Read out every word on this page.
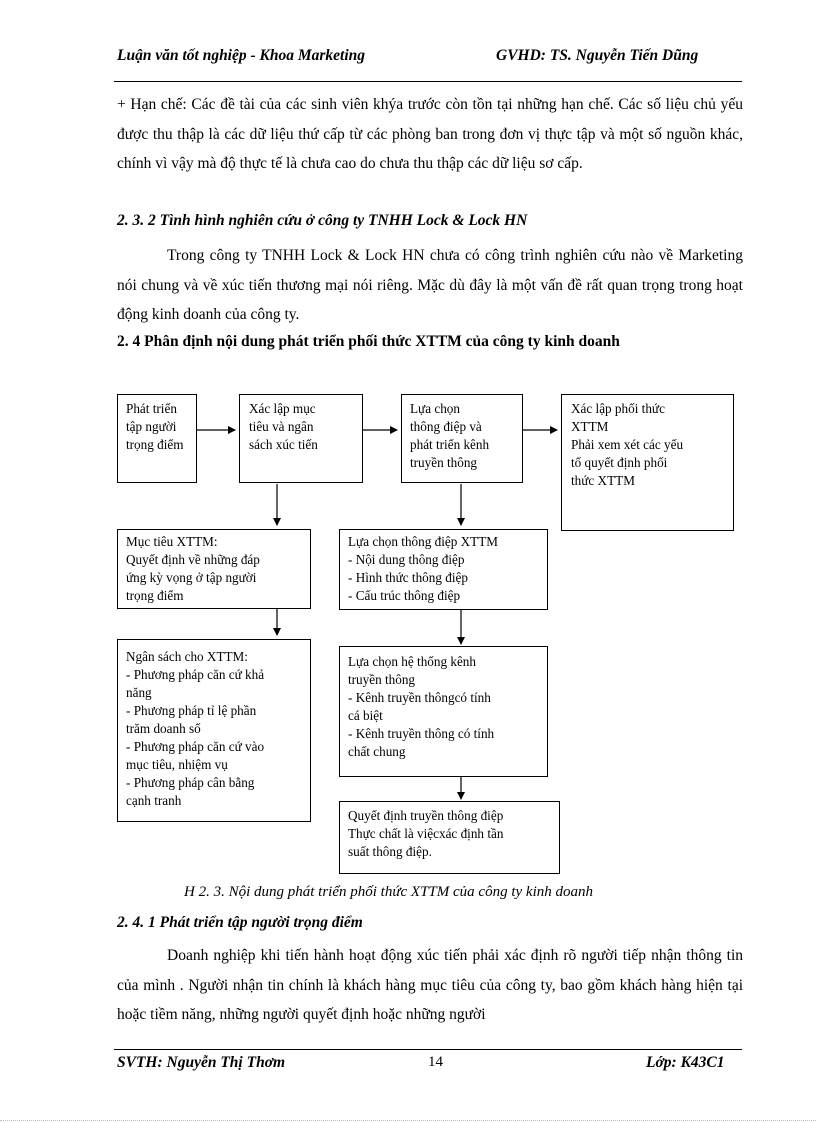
Luận văn tốt nghiệp - Khoa Marketing	GVHD: TS. Nguyễn Tiến Dũng
+ Hạn chế: Các đề tài của các sinh viên khýa trước còn tồn tại những hạn chế. Các số liệu chủ yếu được thu thập là các dữ liệu thứ cấp từ các phòng ban trong đơn vị thực tập và một số nguồn khác, chính vì vậy mà độ thực tế là chưa cao do chưa thu thập các dữ liệu sơ cấp.
2. 3. 2 Tình hình nghiên cứu ở công ty TNHH Lock & Lock HN
Trong công ty TNHH Lock & Lock HN chưa có công trình nghiên cứu nào về Marketing nói chung và về xúc tiến thương mại nói riêng. Mặc dù đây là một vấn đề rất quan trọng trong hoạt động kinh doanh của công ty.
2. 4 Phân định nội dung phát triển phối thức XTTM của công ty kinh doanh
Phát triển
tập người
trọng điểm
Xác lập mục
tiêu và ngân
sách xúc tiến
Lựa chọn
thông điệp và
phát triển kênh
truyền thông
Xác lập phối thức
XTTM
Phải xem xét các yếu
tố quyết định phối
thức XTTM
Mục tiêu XTTM:
Quyết định về những đáp
ứng kỳ vọng ở tập người
trọng điểm
Lựa chọn thông điệp XTTM
- Nội dung thông điệp
- Hình thức thông điệp
- Cấu trúc thông điệp
Ngân sách cho XTTM:
- Phương pháp căn cứ khả
năng
- Phương pháp tỉ lệ phần
trăm doanh số
- Phương pháp căn cứ vào
mục tiêu, nhiệm vụ
- Phương pháp cân bằng
cạnh tranh
Lựa chọn hệ thống kênh
truyền thông
- Kênh truyền thôngcó tính
cá biệt
- Kênh truyền thông có tính
chất chung
Quyết định truyền thông điệp
Thực chất là việcxác định tần
suất thông điệp.
H 2. 3. Nội dung phát triển phối thức XTTM của công ty kinh doanh
2. 4. 1 Phát triển tập người trọng điểm
Doanh nghiệp khi tiến hành hoạt động xúc tiến phải xác định rõ người tiếp nhận thông tin của mình . Người nhận tin chính là khách hàng mục tiêu của công ty, bao gồm khách hàng hiện tại hoặc tiềm năng, những người quyết định hoặc những người
SVTH: Nguyễn Thị Thơm	14	Lớp: K43C1
